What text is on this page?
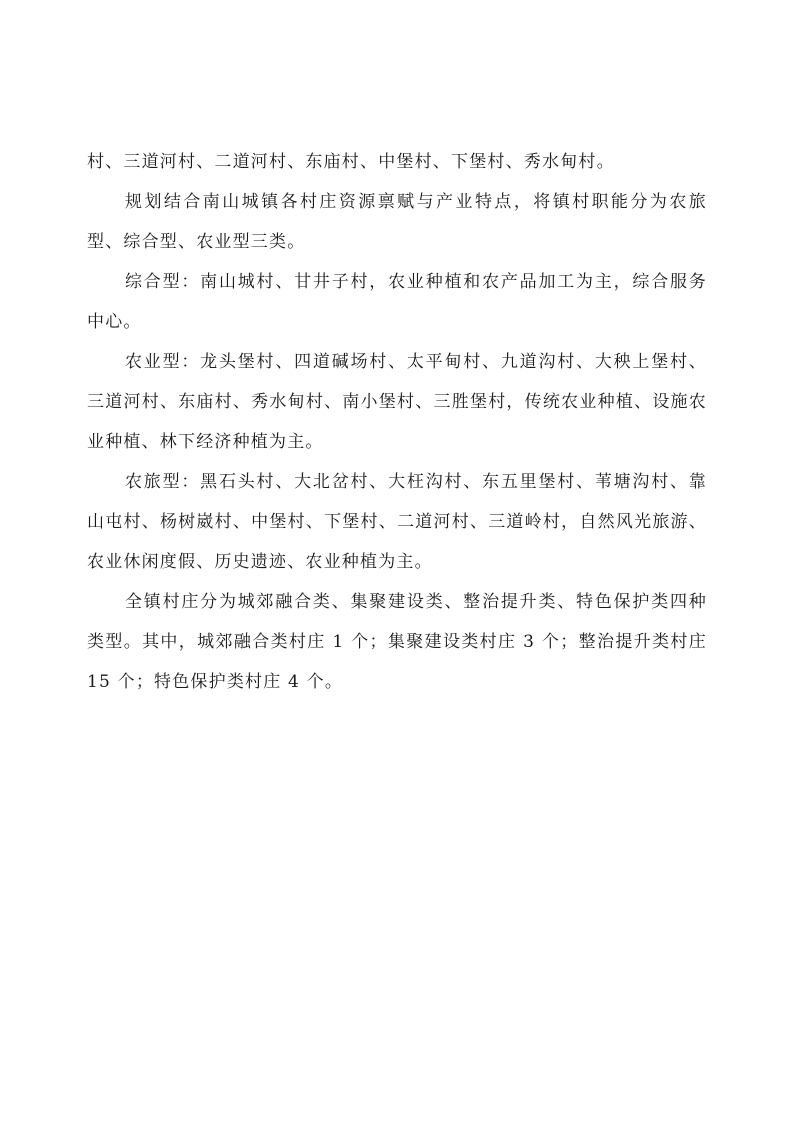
村、三道河村、二道河村、东庙村、中堡村、下堡村、秀水甸村。

规划结合南山城镇各村庄资源禀赋与产业特点，将镇村职能分为农旅型、综合型、农业型三类。

综合型：南山城村、甘井子村，农业种植和农产品加工为主，综合服务中心。

农业型：龙头堡村、四道碱场村、太平甸村、九道沟村、大秧上堡村、三道河村、东庙村、秀水甸村、南小堡村、三胜堡村，传统农业种植、设施农业种植、林下经济种植为主。

农旅型：黑石头村、大北岔村、大枉沟村、东五里堡村、苇塘沟村、靠山屯村、杨树崴村、中堡村、下堡村、二道河村、三道岭村，自然风光旅游、农业休闲度假、历史遗迹、农业种植为主。

全镇村庄分为城郊融合类、集聚建设类、整治提升类、特色保护类四种类型。其中，城郊融合类村庄 1 个；集聚建设类村庄 3 个；整治提升类村庄 15 个；特色保护类村庄 4 个。
